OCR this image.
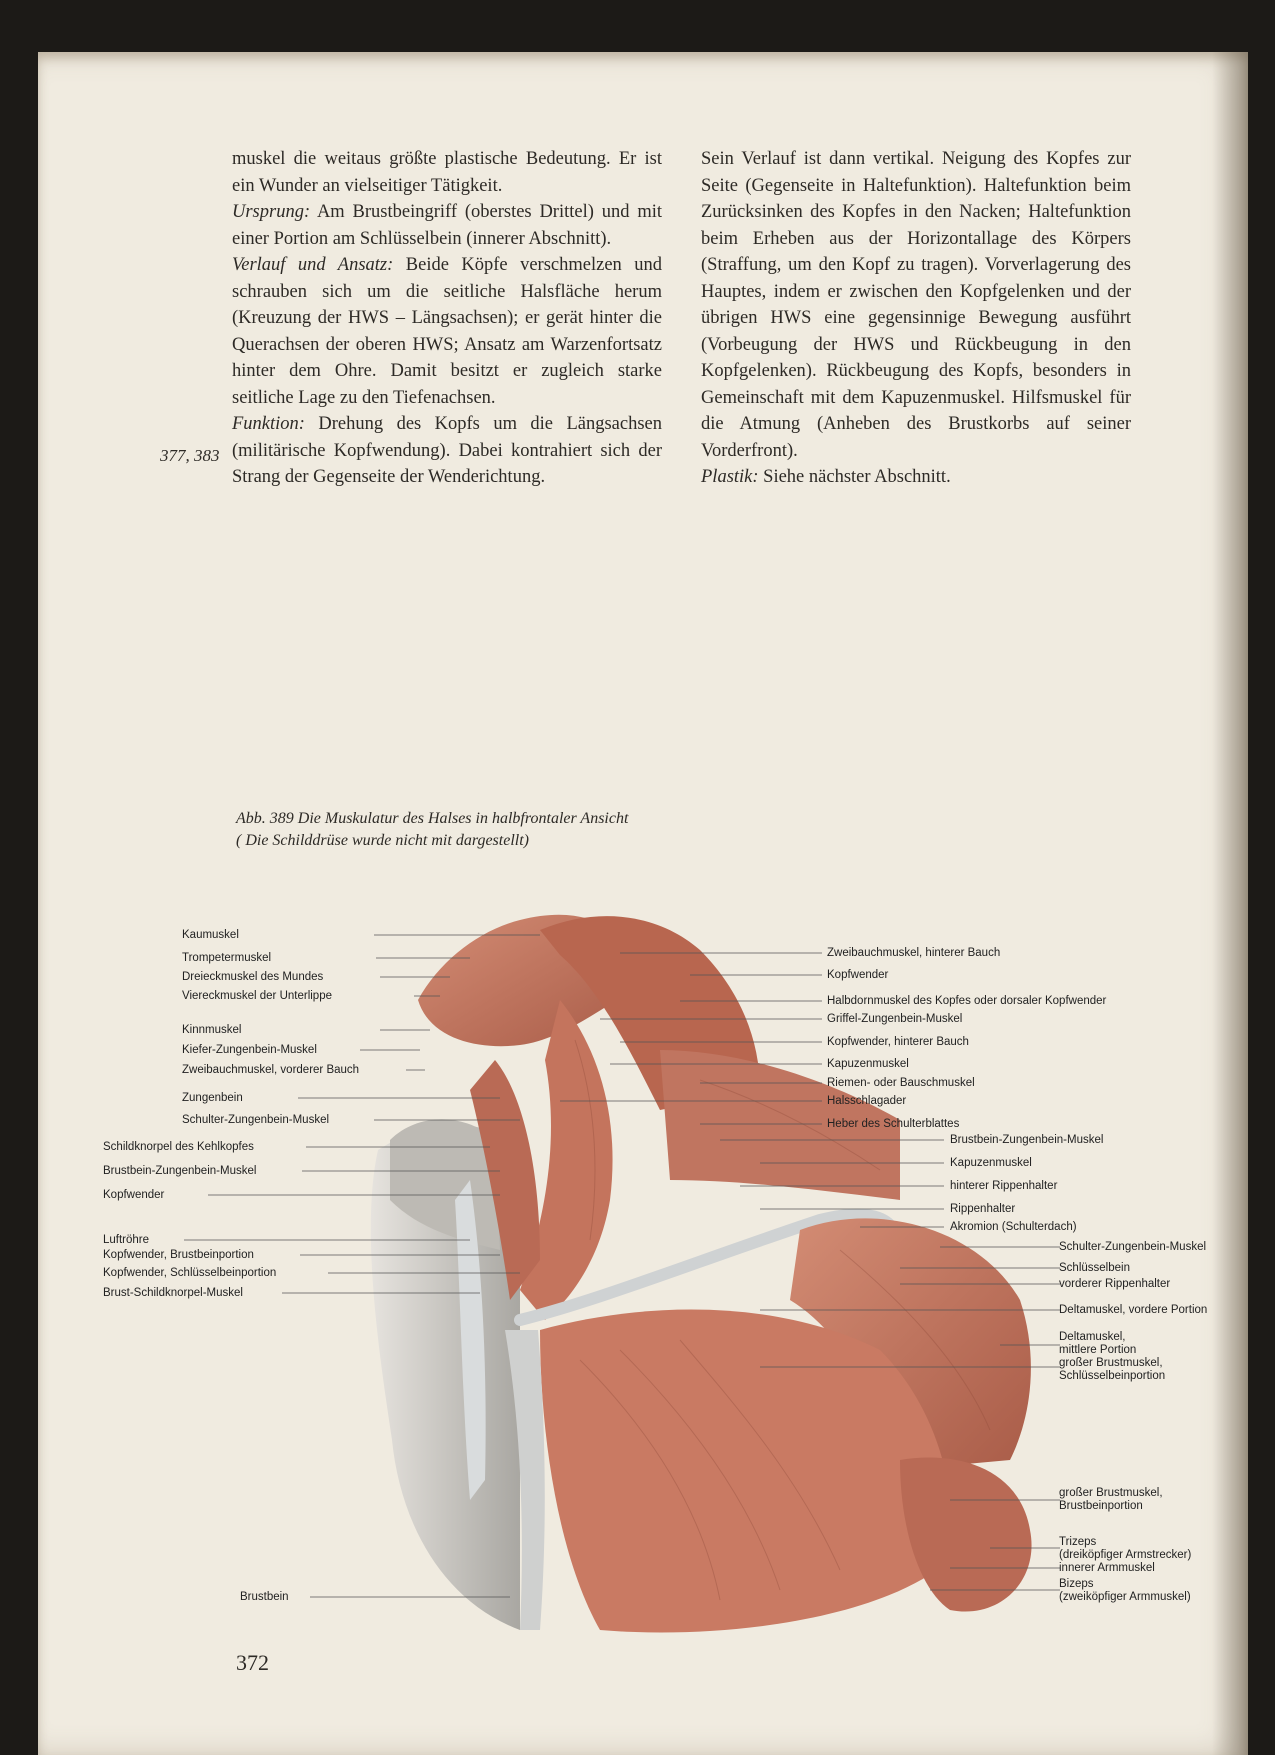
muskel die weitaus größte plastische Bedeutung. Er ist ein Wunder an vielseitiger Tätigkeit.

Ursprung: Am Brustbeingriff (oberstes Drittel) und mit einer Portion am Schlüsselbein (innerer Abschnitt).

Verlauf und Ansatz: Beide Köpfe verschmelzen und schrauben sich um die seitliche Halsfläche herum (Kreuzung der HWS – Längsachsen); er gerät hinter die Querachsen der oberen HWS; Ansatz am Warzenfortsatz hinter dem Ohre. Damit besitzt er zugleich starke seitliche Lage zu den Tiefenachsen.

Funktion: Drehung des Kopfs um die Längsachsen (militärische Kopfwendung). Dabei kontrahiert sich der Strang der Gegenseite der Wenderichtung.

Sein Verlauf ist dann vertikal. Neigung des Kopfes zur Seite (Gegenseite in Haltefunktion). Haltefunktion beim Zurücksinken des Kopfes in den Nacken; Haltefunktion beim Erheben aus der Horizontallage des Körpers (Straffung, um den Kopf zu tragen). Vorverlagerung des Hauptes, indem er zwischen den Kopfgelenken und der übrigen HWS eine gegensinnige Bewegung ausführt (Vorbeugung der HWS und Rückbeugung in den Kopfgelenken). Rückbeugung des Kopfs, besonders in Gemeinschaft mit dem Kapuzenmuskel. Hilfsmuskel für die Atmung (Anheben des Brustkorbs auf seiner Vorderfront).

Plastik: Siehe nächster Abschnitt.

377, 383
Abb. 389 Die Muskulatur des Halses in halbfrontaler Ansicht
( Die Schilddrüse wurde nicht mit dargestellt)
372
Kaumuskel
Trompetermuskel
Dreieckmuskel des Mundes
Viereckmuskel der Unterlippe
Kinnmuskel
Kiefer-Zungenbein-Muskel
Zweibauchmuskel, vorderer Bauch
Zungenbein
Schulter-Zungenbein-Muskel
Schildknorpel des Kehlkopfes
Brustbein-Zungenbein-Muskel
Kopfwender
Luftröhre
Kopfwender, Brustbeinportion
Kopfwender, Schlüsselbeinportion
Brust-Schildknorpel-Muskel
Brustbein
Zweibauchmuskel, hinterer Bauch
Kopfwender
Halbdornmuskel des Kopfes oder dorsaler Kopfwender
Griffel-Zungenbein-Muskel
Kopfwender, hinterer Bauch
Kapuzenmuskel
Riemen- oder Bauschmuskel
Halsschlagader
Heber des Schulterblattes
Brustbein-Zungenbein-Muskel
Kapuzenmuskel
hinterer Rippenhalter
Rippenhalter
Akromion (Schulterdach)
Schulter-Zungenbein-Muskel
Schlüsselbein
vorderer Rippenhalter
Deltamuskel, vordere Portion
Deltamuskel,
mittlere Portion
großer Brustmuskel,
Schlüsselbeinportion
großer Brustmuskel,
Brustbeinportion
Trizeps
(dreiköpfiger Armstrecker)
innerer Armmuskel
Bizeps
(zweiköpfiger Armmuskel)
